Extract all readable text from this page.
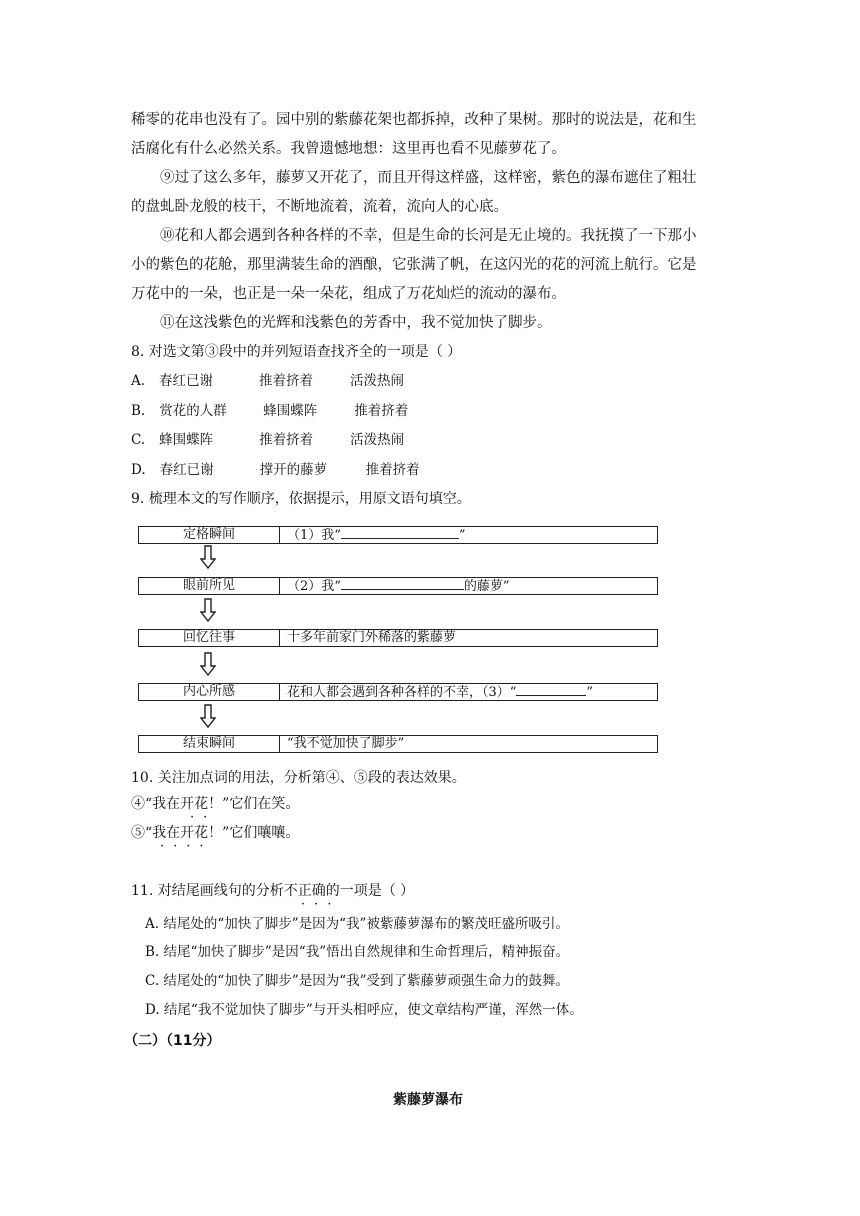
稀零的花串也没有了。园中别的紫藤花架也都拆掉，改种了果树。那时的说法是，花和生
活腐化有什么必然关系。我曾遗憾地想：这里再也看不见藤萝花了。
⑨过了这么多年，藤萝又开花了，而且开得这样盛，这样密，紫色的瀑布遮住了粗壮
的盘虬卧龙般的枝干，不断地流着，流着，流向人的心底。
⑩花和人都会遇到各种各样的不幸，但是生命的长河是无止境的。我抚摸了一下那小
小的紫色的花舱，那里满装生命的酒酿，它张满了帆，在这闪光的花的河流上航行。它是
万花中的一朵，也正是一朵一朵花，组成了万花灿烂的流动的瀑布。
⑪在这浅紫色的光辉和浅紫色的芳香中，我不觉加快了脚步。
8. 对选文第③段中的并列短语查找齐全的一项是（ ）
A. 春红已谢	推着挤着	活泼热闹
B. 赏花的人群	蜂围蝶阵	推着挤着
C. 蜂围蝶阵	推着挤着	活泼热闹
D. 春红已谢	撑开的藤萝	推着挤着
9. 梳理本文的写作顺序，依据提示，用原文语句填空。
定格瞬间	（1）我“	”
眼前所见	（2）我“	的藤萝”
回忆往事	十多年前家门外稀落的紫藤萝
内心所感	花和人都会遇到各种各样的不幸，（3）“	”
结束瞬间	“我不觉加快了脚步”
10. 关注加点词的用法，分析第④、⑤段的表达效果。
④“我在开花！”它们在笑。
⑤“我在开花！”它们嚷嚷。
··
····
11. 对结尾画线句的分析不正确的一项是（ ）
···
A. 结尾处的“加快了脚步”是因为“我”被紫藤萝瀑布的繁茂旺盛所吸引。
B. 结尾“加快了脚步”是因“我”悟出自然规律和生命哲理后，精神振奋。
C. 结尾处的“加快了脚步”是因为“我”受到了紫藤萝顽强生命力的鼓舞。
D. 结尾“我不觉加快了脚步”与开头相呼应，使文章结构严谨，浑然一体。
（二）（11分）
紫藤萝瀑布
